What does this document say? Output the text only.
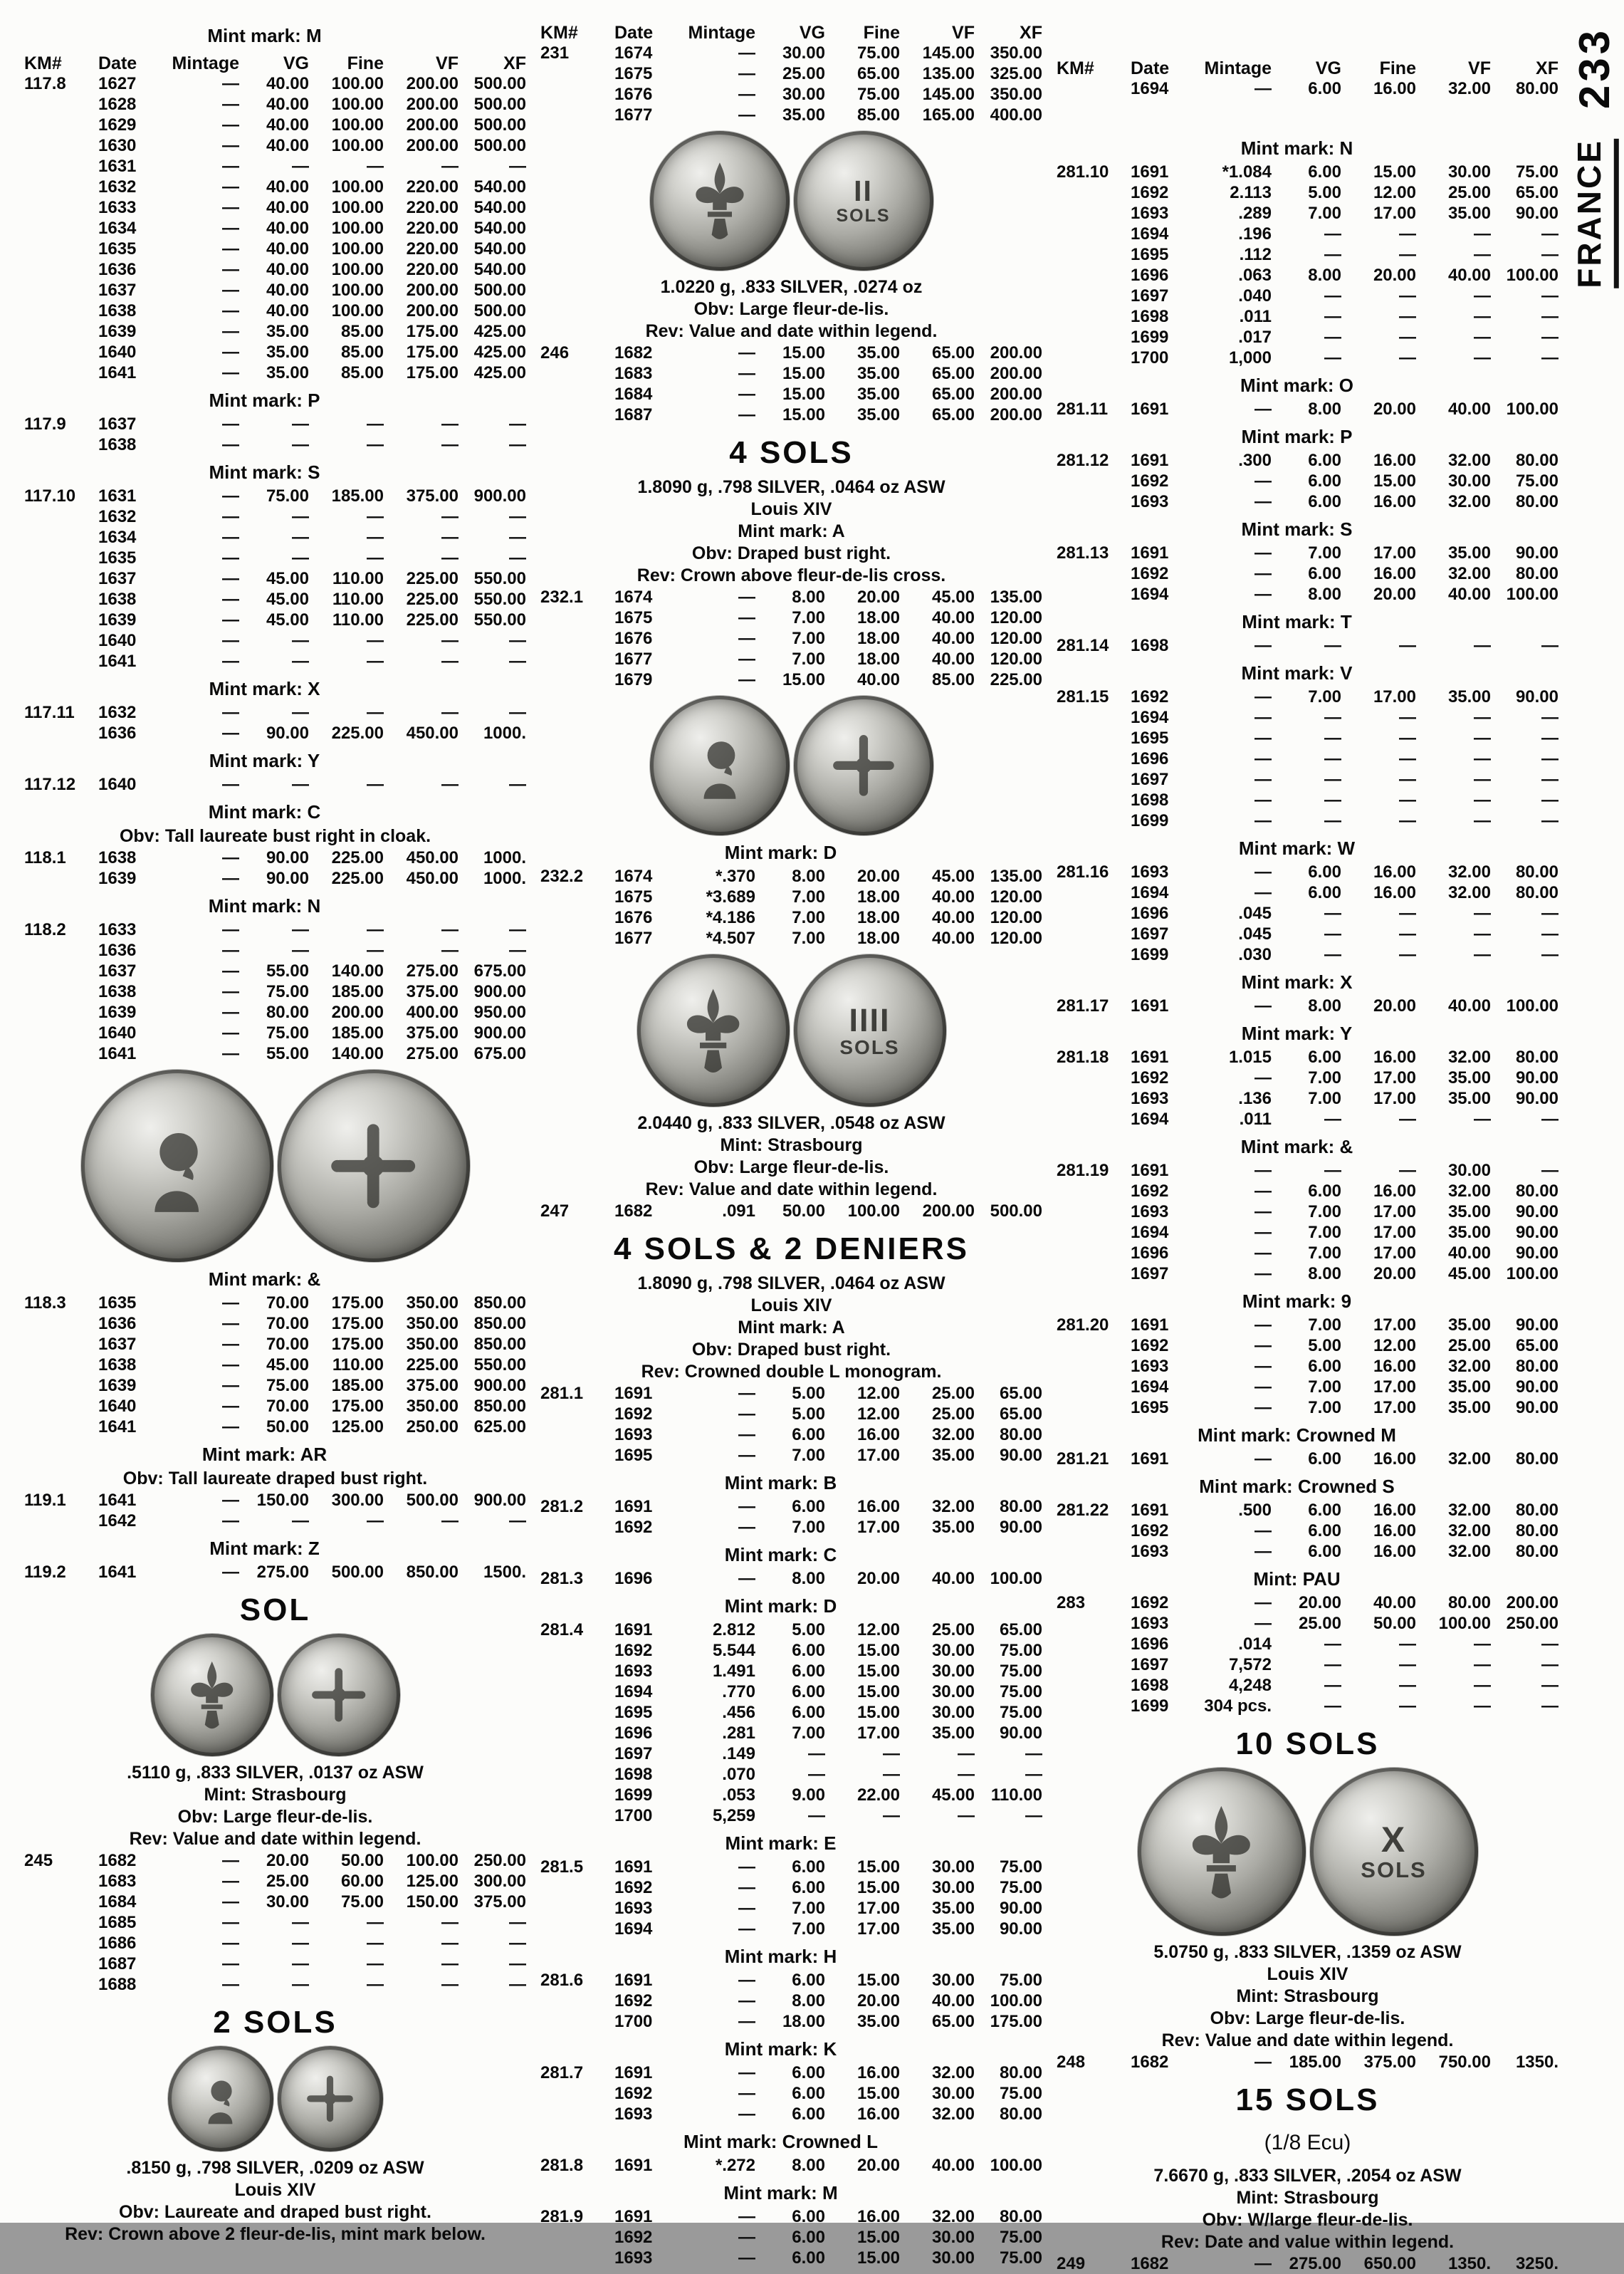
Mint mark: M
KM#	Date	Mintage	VG	Fine	VF	XF
117.8	1627	—	40.00	100.00	200.00 500.00
1628	—	40.00	100.00	200.00 500.00
1629	—	40.00	100.00	200.00 500.00
1630	—	40.00	100.00	200.00 500.00
1631	—	—	—	—	—
1632	—	40.00	100.00	220.00 540.00
1633	—	40.00	100.00	220.00 540.00
1634	—	40.00	100.00	220.00 540.00
1635	—	40.00	100.00	220.00 540.00
1636	—	40.00	100.00	220.00 540.00
1637	—	40.00	100.00	200.00 500.00
1638	—	40.00	100.00	200.00 500.00
1639	—	35.00	85.00	175.00 425.00
1640	—	35.00	85.00	175.00 425.00
1641	—	35.00	85.00	175.00 425.00
Mint mark: P
117.9	1637	—	—	—	—	—
1638	—	—	—	—	—
Mint mark: S
117.10	1631	—	75.00	185.00	375.00 900.00
1632	—	—	—	—	—
1634	—	—	—	—	—
1635	—	—	—	—	—
1637	—	45.00	110.00	225.00 550.00
1638	—	45.00	110.00	225.00 550.00
1639	—	45.00	110.00	225.00 550.00
1640	—	—	—	—	—
1641	—	—	—	—	—
Mint mark: X
117.11	1632	—	—	—	—	—
1636	—	90.00	225.00	450.00	1000.
Mint mark: Y
117.12	1640	—	—	—	—	—
Mint mark: C
Obv: Tall laureate bust right in cloak.
118.1	1638	—	90.00	225.00	450.00	1000.
1639	—	90.00	225.00	450.00	1000.
Mint mark: N
118.2	1633	—	—	—	—	—
1636	—	—	—	—	—
1637	—	55.00	140.00	275.00 675.00
1638	—	75.00	185.00	375.00 900.00
1639	—	80.00	200.00	400.00 950.00
1640	—	75.00	185.00	375.00 900.00
1641	—	55.00	140.00	275.00 675.00
Mint mark: &
118.3	1635	—	70.00	175.00	350.00 850.00
1636	—	70.00	175.00	350.00 850.00
1637	—	70.00	175.00	350.00 850.00
1638	—	45.00	110.00	225.00 550.00
1639	—	75.00	185.00	375.00 900.00
1640	—	70.00	175.00	350.00 850.00
1641	—	50.00	125.00	250.00 625.00
Mint mark: AR
Obv: Tall laureate draped bust right.
119.1	1641	—	150.00	300.00	500.00 900.00
1642	—	—	—	—	—
Mint mark: Z
119.2	1641	—	275.00	500.00	850.00	1500.
SOL
.5110 g, .833 SILVER, .0137 oz ASW
Mint: Strasbourg
Obv: Large fleur-de-lis.
Rev: Value and date within legend.
245	1682	—	20.00	50.00	100.00 250.00
1683	—	25.00	60.00	125.00 300.00
1684	—	30.00	75.00	150.00 375.00
1685	—	—	—	—	—
1686	—	—	—	—	—
1687	—	—	—	—	—
1688	—	—	—	—	—
2 SOLS
.8150 g, .798 SILVER, .0209 oz ASW
Louis XIV
Obv: Laureate and draped bust right.
Rev: Crown above 2 fleur-de-lis, mint mark below.
KM#	Date	Mintage	VG	Fine	VF	XF
231	1674	—	30.00	75.00	145.00 350.00
1675	—	25.00	65.00	135.00 325.00
1676	—	30.00	75.00	145.00 350.00
1677	—	35.00	85.00	165.00 400.00
II
SOLS
1.0220 g, .833 SILVER, .0274 oz
Obv: Large fleur-de-lis.
Rev: Value and date within legend.
246	1682	—	15.00	35.00	65.00 200.00
1683	—	15.00	35.00	65.00 200.00
1684	—	15.00	35.00	65.00 200.00
1687	—	15.00	35.00	65.00 200.00
4 SOLS
1.8090 g, .798 SILVER, .0464 oz ASW
Louis XIV
Mint mark: A
Obv: Draped bust right.
Rev: Crown above fleur-de-lis cross.
232.1	1674	—	8.00	20.00	45.00 135.00
1675	—	7.00	18.00	40.00 120.00
1676	—	7.00	18.00	40.00 120.00
1677	—	7.00	18.00	40.00 120.00
1679	—	15.00	40.00	85.00 225.00
Mint mark: D
232.2	1674	*.370	8.00	20.00	45.00 135.00
1675	*3.689	7.00	18.00	40.00 120.00
1676	*4.186	7.00	18.00	40.00 120.00
1677	*4.507	7.00	18.00	40.00 120.00
IIII
SOLS
2.0440 g, .833 SILVER, .0548 oz ASW
Mint: Strasbourg
Obv: Large fleur-de-lis.
Rev: Value and date within legend.
247	1682	.091	50.00	100.00	200.00 500.00
4 SOLS & 2 DENIERS
1.8090 g, .798 SILVER, .0464 oz ASW
Louis XIV
Mint mark: A
Obv: Draped bust right.
Rev: Crowned double L monogram.
281.1	1691	—	5.00	12.00	25.00	65.00
1692	—	5.00	12.00	25.00	65.00
1693	—	6.00	16.00	32.00	80.00
1695	—	7.00	17.00	35.00	90.00
Mint mark: B
281.2	1691	—	6.00	16.00	32.00	80.00
1692	—	7.00	17.00	35.00	90.00
Mint mark: C
281.3	1696	—	8.00	20.00	40.00 100.00
Mint mark: D
281.4	1691	2.812	5.00	12.00	25.00	65.00
1692	5.544	6.00	15.00	30.00	75.00
1693	1.491	6.00	15.00	30.00	75.00
1694	.770	6.00	15.00	30.00	75.00
1695	.456	6.00	15.00	30.00	75.00
1696	.281	7.00	17.00	35.00	90.00
1697	.149	—	—	—	—
1698	.070	—	—	—	—
1699	.053	9.00	22.00	45.00 110.00
1700	5,259	—	—	—	—
Mint mark: E
281.5	1691	—	6.00	15.00	30.00	75.00
1692	—	6.00	15.00	30.00	75.00
1693	—	7.00	17.00	35.00	90.00
1694	—	7.00	17.00	35.00	90.00
Mint mark: H
281.6	1691	—	6.00	15.00	30.00	75.00
1692	—	8.00	20.00	40.00 100.00
1700	—	18.00	35.00	65.00 175.00
Mint mark: K
281.7	1691	—	6.00	16.00	32.00	80.00
1692	—	6.00	15.00	30.00	75.00
1693	—	6.00	16.00	32.00	80.00
Mint mark: Crowned L
281.8	1691	*.272	8.00	20.00	40.00 100.00
Mint mark: M
281.9	1691	—	6.00	16.00	32.00	80.00
1692	—	6.00	15.00	30.00	75.00
1693	—	6.00	15.00	30.00	75.00
KM#	Date	Mintage	VG	Fine	VF	XF
1694	—	6.00	16.00	32.00	80.00
Mint mark: N
281.10	1691	*1.084	6.00	15.00	30.00	75.00
1692	2.113	5.00	12.00	25.00	65.00
1693	.289	7.00	17.00	35.00	90.00
1694	.196	—	—	—	—
1695	.112	—	—	—	—
1696	.063	8.00	20.00	40.00 100.00
1697	.040	—	—	—	—
1698	.011	—	—	—	—
1699	.017	—	—	—	—
1700	1,000	—	—	—	—
Mint mark: O
281.11	1691	—	8.00	20.00	40.00 100.00
Mint mark: P
281.12	1691	.300	6.00	16.00	32.00	80.00
1692	—	6.00	15.00	30.00	75.00
1693	—	6.00	16.00	32.00	80.00
Mint mark: S
281.13	1691	—	7.00	17.00	35.00	90.00
1692	—	6.00	16.00	32.00	80.00
1694	—	8.00	20.00	40.00 100.00
Mint mark: T
281.14	1698	—	—	—	—	—
Mint mark: V
281.15	1692	—	7.00	17.00	35.00	90.00
1694	—	—	—	—	—
1695	—	—	—	—	—
1696	—	—	—	—	—
1697	—	—	—	—	—
1698	—	—	—	—	—
1699	—	—	—	—	—
Mint mark: W
281.16	1693	—	6.00	16.00	32.00	80.00
1694	—	6.00	16.00	32.00	80.00
1696	.045	—	—	—	—
1697	.045	—	—	—	—
1699	.030	—	—	—	—
Mint mark: X
281.17	1691	—	8.00	20.00	40.00 100.00
Mint mark: Y
281.18	1691	1.015	6.00	16.00	32.00	80.00
1692	—	7.00	17.00	35.00	90.00
1693	.136	7.00	17.00	35.00	90.00
1694	.011	—	—	—	—
Mint mark: &
281.19	1691	—	—	—	30.00	—
1692	—	6.00	16.00	32.00	80.00
1693	—	7.00	17.00	35.00	90.00
1694	—	7.00	17.00	35.00	90.00
1696	—	7.00	17.00	40.00	90.00
1697	—	8.00	20.00	45.00 100.00
Mint mark: 9
281.20	1691	—	7.00	17.00	35.00	90.00
1692	—	5.00	12.00	25.00	65.00
1693	—	6.00	16.00	32.00	80.00
1694	—	7.00	17.00	35.00	90.00
1695	—	7.00	17.00	35.00	90.00
Mint mark: Crowned M
281.21	1691	—	6.00	16.00	32.00	80.00
Mint mark: Crowned S
281.22	1691	.500	6.00	16.00	32.00	80.00
1692	—	6.00	16.00	32.00	80.00
1693	—	6.00	16.00	32.00	80.00
Mint: PAU
283	1692	—	20.00	40.00	80.00 200.00
1693	—	25.00	50.00	100.00 250.00
1696	.014	—	—	—	—
1697	7,572	—	—	—	—
1698	4,248	—	—	—	—
1699	304 pcs.	—	—	—	—
10 SOLS
X
SOLS
5.0750 g, .833 SILVER, .1359 oz ASW
Louis XIV
Mint: Strasbourg
Obv: Large fleur-de-lis.
Rev: Value and date within legend.
248	1682	—	185.00	375.00	750.00	1350.
15 SOLS
(1/8 Ecu)
7.6670 g, .833 SILVER, .2054 oz ASW
Mint: Strasbourg
Obv: W/large fleur-de-lis.
Rev: Date and value within legend.
249	1682	—	275.00	650.00	1350.	3250.
FRANCE
233
